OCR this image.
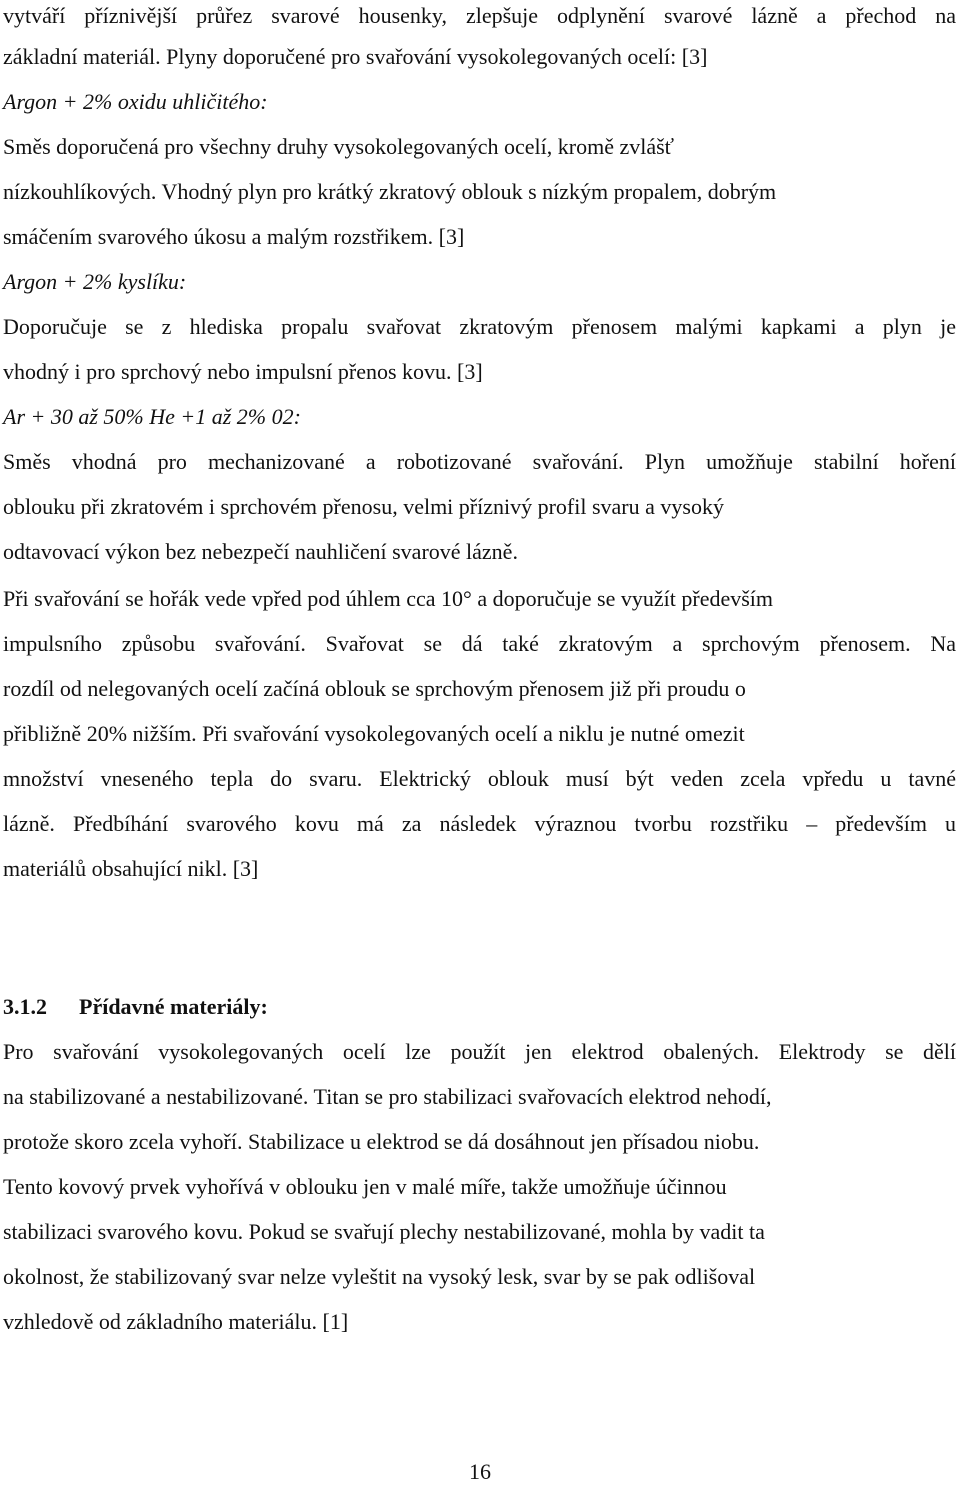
vytváří příznivější průřez svarové housenky, zlepšuje odplynění svarové lázně a přechod na
základní materiál. Plyny doporučené pro svařování vysokolegovaných ocelí: [3]
Argon + 2% oxidu uhličitého:
Směs doporučená pro všechny druhy vysokolegovaných ocelí, kromě zvlášť
nízkouhlíkových. Vhodný plyn pro krátký zkratový oblouk s nízkým propalem, dobrým
smáčením svarového úkosu a malým rozstřikem. [3]
Argon + 2% kyslíku:
Doporučuje se z hlediska propalu svařovat zkratovým přenosem malými kapkami a plyn je
vhodný i pro sprchový nebo impulsní přenos kovu. [3]
Ar + 30 až 50% He +1 až 2% 02:
Směs vhodná pro mechanizované a robotizované svařování. Plyn umožňuje stabilní hoření
oblouku při zkratovém i sprchovém přenosu, velmi příznivý profil svaru a vysoký
odtavovací výkon bez nebezpečí nauhličení svarové lázně.
Při svařování se hořák vede vpřed pod úhlem cca 10° a doporučuje se využít především
impulsního způsobu svařování. Svařovat se dá také zkratovým a sprchovým přenosem. Na
rozdíl od nelegovaných ocelí začíná oblouk se sprchovým přenosem již při proudu o
přibližně 20% nižším. Při svařování vysokolegovaných ocelí a niklu je nutné omezit
množství vneseného tepla do svaru. Elektrický oblouk musí být veden zcela vpředu u tavné
lázně. Předbíhání svarového kovu má za následek výraznou tvorbu rozstřiku – především u
materiálů obsahující nikl. [3]
3.1.2 Přídavné materiály:
Pro svařování vysokolegovaných ocelí lze použít jen elektrod obalených. Elektrody se dělí
na stabilizované a nestabilizované. Titan se pro stabilizaci svařovacích elektrod nehodí,
protože skoro zcela vyhoří. Stabilizace u elektrod se dá dosáhnout jen přísadou niobu.
Tento kovový prvek vyhořívá v oblouku jen v malé míře, takže umožňuje účinnou
stabilizaci svarového kovu. Pokud se svařují plechy nestabilizované, mohla by vadit ta
okolnost, že stabilizovaný svar nelze vyleštit na vysoký lesk, svar by se pak odlišoval
vzhledově od základního materiálu. [1]
16
